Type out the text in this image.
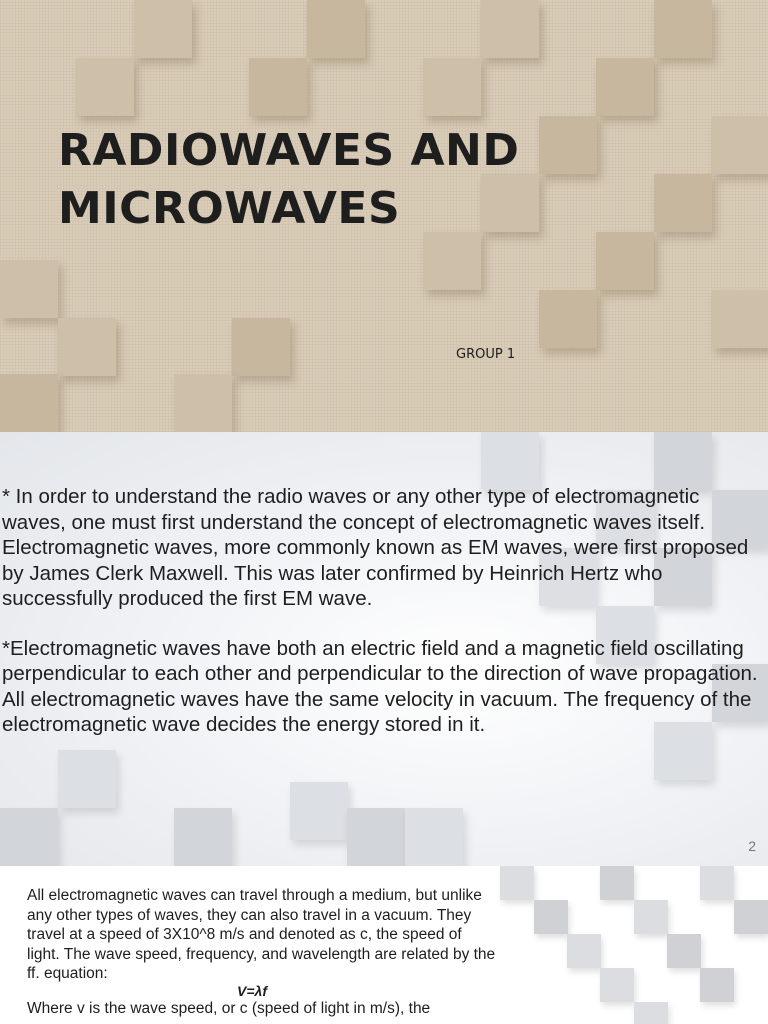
RADIOWAVES AND
MICROWAVES
GROUP 1

* In order to understand the radio waves or any other type of electromagnetic waves, one must first understand the concept of electromagnetic waves itself. Electromagnetic waves, more commonly known as EM waves, were first proposed by James Clerk Maxwell. This was later confirmed by Heinrich Hertz who successfully produced the first EM wave.

*Electromagnetic waves have both an electric field and a magnetic field oscillating perpendicular to each other and perpendicular to the direction of wave propagation. All electromagnetic waves have the same velocity in vacuum. The frequency of the electromagnetic wave decides the energy stored in it.

2

All electromagnetic waves can travel through a medium, but unlike any other types of waves, they can also travel in a vacuum. They travel at a speed of 3X10^8 m/s and denoted as c, the speed of light. The wave speed, frequency, and wavelength are related by the ff. equation:

V=λf

Where v is the wave speed, or c (speed of light in m/s), the
